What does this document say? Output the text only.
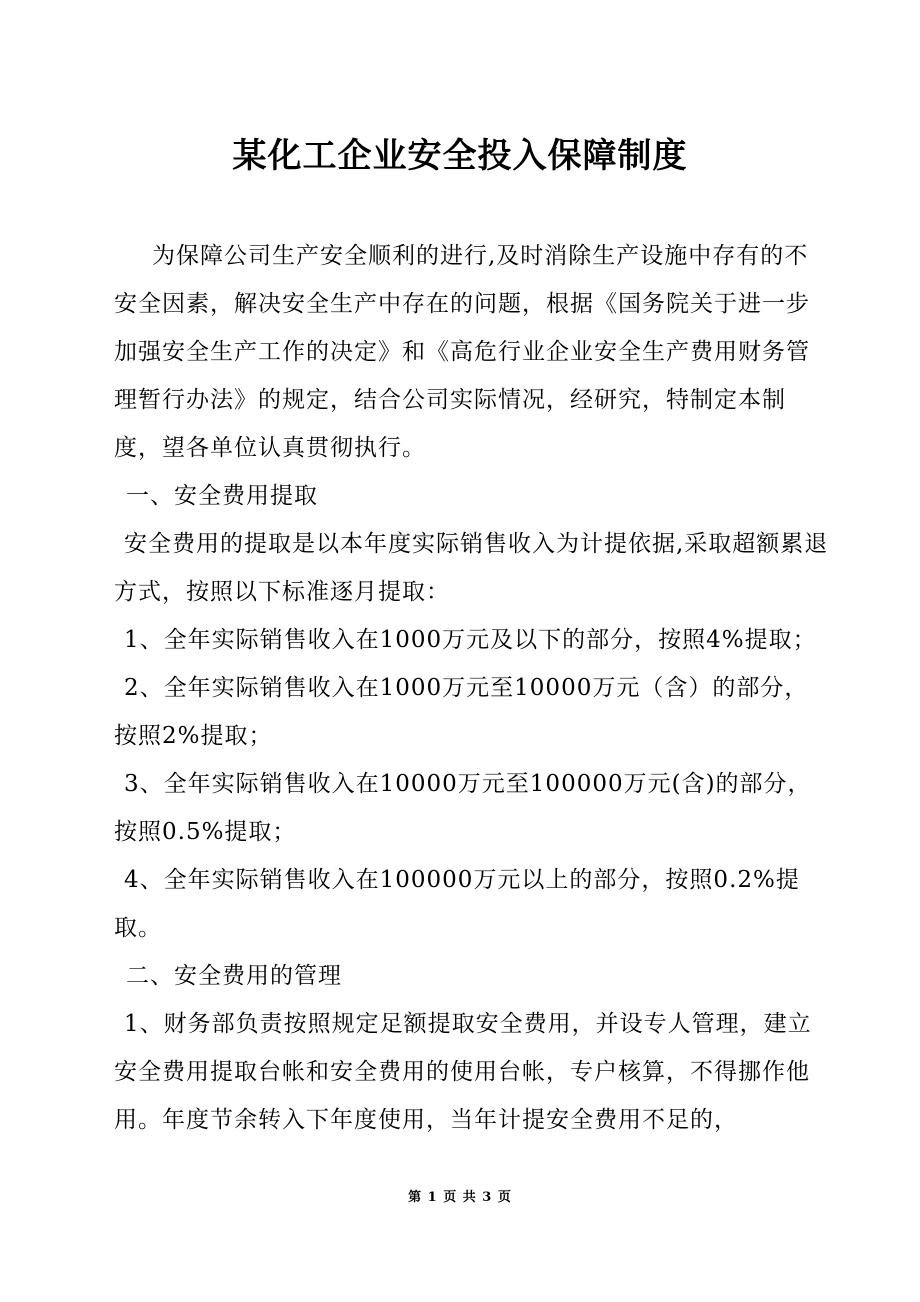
某化工企业安全投入保障制度

为保障公司生产安全顺利的进行,及时消除生产设施中存有的不安全因素，解决安全生产中存在的问题，根据《国务院关于进一步加强安全生产工作的决定》和《高危行业企业安全生产费用财务管理暂行办法》的规定，结合公司实际情况，经研究，特制定本制度，望各单位认真贯彻执行。

一、安全费用提取

安全费用的提取是以本年度实际销售收入为计提依据,采取超额累退方式，按照以下标准逐月提取：

1、全年实际销售收入在1000万元及以下的部分，按照4%提取；

2、全年实际销售收入在1000万元至10000万元（含）的部分，按照2%提取；

3、全年实际销售收入在10000万元至100000万元(含)的部分，按照0.5%提取；

4、全年实际销售收入在100000万元以上的部分，按照0.2%提取。

二、安全费用的管理

1、财务部负责按照规定足额提取安全费用，并设专人管理，建立安全费用提取台帐和安全费用的使用台帐，专户核算，不得挪作他用。年度节余转入下年度使用，当年计提安全费用不足的，

第 1 页 共 3 页
